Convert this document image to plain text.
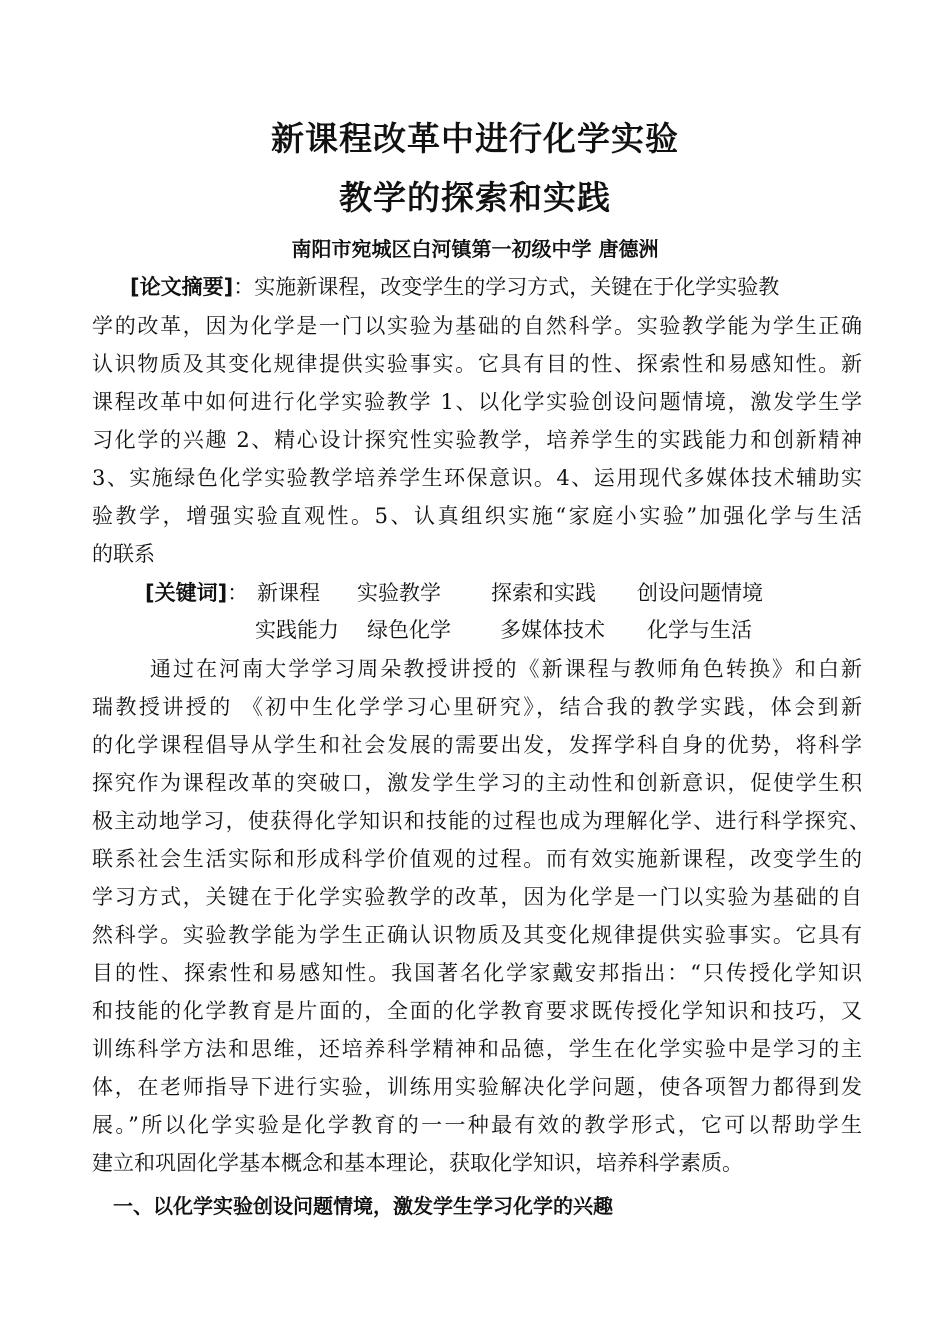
新课程改革中进行化学实验
教学的探索和实践
南阳市宛城区白河镇第一初级中学 唐德洲
[论文摘要]：实施新课程，改变学生的学习方式，关键在于化学实验教
学的改革，因为化学是一门以实验为基础的自然科学。实验教学能为学生正确
认识物质及其变化规律提供实验事实。它具有目的性、探索性和易感知性。新
课程改革中如何进行化学实验教学 1、以化学实验创设问题情境，激发学生学
习化学的兴趣 2、精心设计探究性实验教学，培养学生的实践能力和创新精神
3、实施绿色化学实验教学培养学生环保意识。4、运用现代多媒体技术辅助实
验教学，增强实验直观性。5、认真组织实施“家庭小实验”加强化学与生活
的联系
[关键词]： 新课程 实验教学 探索和实践 创设问题情境
实践能力 绿色化学 多媒体技术 化学与生活
通过在河南大学学习周朵教授讲授的《新课程与教师角色转换》和白新
瑞教授讲授的 《初中生化学学习心里研究》，结合我的教学实践，体会到新
的化学课程倡导从学生和社会发展的需要出发，发挥学科自身的优势，将科学
探究作为课程改革的突破口，激发学生学习的主动性和创新意识，促使学生积
极主动地学习，使获得化学知识和技能的过程也成为理解化学、进行科学探究、
联系社会生活实际和形成科学价值观的过程。而有效实施新课程，改变学生的
学习方式，关键在于化学实验教学的改革，因为化学是一门以实验为基础的自
然科学。实验教学能为学生正确认识物质及其变化规律提供实验事实。它具有
目的性、探索性和易感知性。我国著名化学家戴安邦指出：“只传授化学知识
和技能的化学教育是片面的，全面的化学教育要求既传授化学知识和技巧，又
训练科学方法和思维，还培养科学精神和品德，学生在化学实验中是学习的主
体，在老师指导下进行实验，训练用实验解决化学问题，使各项智力都得到发
展。”所以化学实验是化学教育的一一种最有效的教学形式，它可以帮助学生
建立和巩固化学基本概念和基本理论，获取化学知识，培养科学素质。
一、以化学实验创设问题情境，激发学生学习化学的兴趣
